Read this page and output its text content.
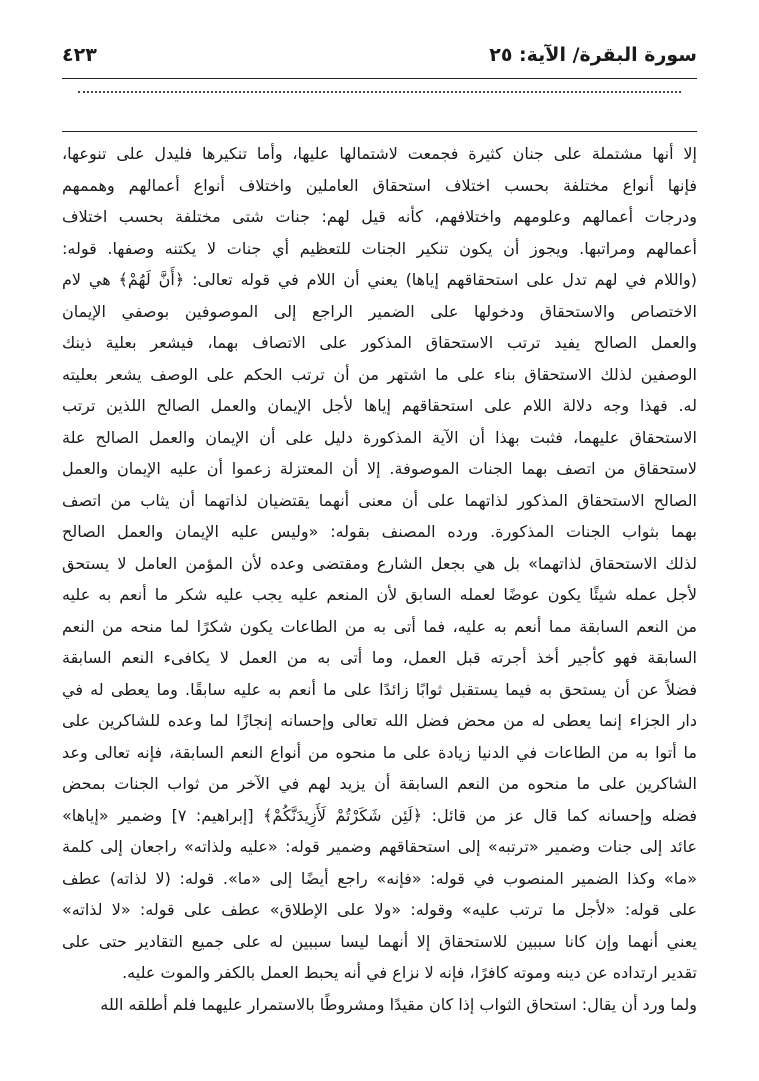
سورة البقرة/ الآية: ٢٥
٤٢٣
إلا أنها مشتملة على جنان كثيرة فجمعت لاشتمالها عليها، وأما تنكيرها فليدل على تنوعها،
فإنها أنواع مختلفة بحسب اختلاف استحقاق العاملين واختلاف أنواع أعمالهم وهممهم
ودرجات أعمالهم وعلومهم واختلافهم، كأنه قيل لهم: جنات شتى مختلفة بحسب اختلاف
أعمالهم ومراتبها. ويجوز أن يكون تنكير الجنات للتعظيم أي جنات لا يكتنه وصفها. قوله:
(واللام في لهم تدل على استحقاقهم إياها) يعني أن اللام في قوله تعالى: ﴿أَنَّ لَهُمْ﴾ هي لام
الاختصاص والاستحقاق ودخولها على الضمير الراجع إلى الموصوفين بوصفي الإيمان
والعمل الصالح يفيد ترتب الاستحقاق المذكور على الاتصاف بهما، فيشعر بعلية ذينك
الوصفين لذلك الاستحقاق بناء على ما اشتهر من أن ترتب الحكم على الوصف يشعر بعليته
له. فهذا وجه دلالة اللام على استحقاقهم إياها لأجل الإيمان والعمل الصالح اللذين ترتب
الاستحقاق عليهما، فثبت بهذا أن الآية المذكورة دليل على أن الإيمان والعمل الصالح علة
لاستحقاق من اتصف بهما الجنات الموصوفة. إلا أن المعتزلة زعموا أن عليه الإيمان والعمل
الصالح الاستحقاق المذكور لذاتهما على أن معنى أنهما يقتضيان لذاتهما أن يثاب من اتصف
بهما بثواب الجنات المذكورة. ورده المصنف بقوله: «وليس عليه الإيمان والعمل الصالح
لذلك الاستحقاق لذاتهما» بل هي بجعل الشارع ومقتضى وعده لأن المؤمن العامل لا يستحق
لأجل عمله شيئًا يكون عوضًا لعمله السابق لأن المنعم عليه يجب عليه شكر ما أنعم به عليه
من النعم السابقة مما أنعم به عليه، فما أتى به من الطاعات يكون شكرًا لما منحه من النعم
السابقة فهو كأجير أخذ أجرته قبل العمل، وما أتى به من العمل لا يكافىء النعم السابقة
فضلاً عن أن يستحق به فيما يستقبل ثوابًا زائدًا على ما أنعم به عليه سابقًا. وما يعطى له في
دار الجزاء إنما يعطى له من محض فضل الله تعالى وإحسانه إنجازًا لما وعده للشاكرين على
ما أتوا به من الطاعات في الدنيا زيادة على ما منحوه من أنواع النعم السابقة، فإنه تعالى وعد
الشاكرين على ما منحوه من النعم السابقة أن يزيد لهم في الآخر من ثواب الجنات بمحض
فضله وإحسانه كما قال عز من قائل: ﴿لَئِن شَكَرْتُمْ لَأَزِيدَنَّكُمْ﴾ [إبراهيم: ٧] وضمير «إياها»
عائد إلى جنات وضمير «ترتبه» إلى استحقاقهم وضمير قوله: «عليه ولذاته» راجعان إلى كلمة
«ما» وكذا الضمير المنصوب في قوله: «فإنه» راجع أيضًا إلى «ما». قوله: (لا لذاته) عطف
على قوله: «لأجل ما ترتب عليه» وقوله: «ولا على الإطلاق» عطف على قوله: «لا لذاته»
يعني أنهما وإن كانا سببين للاستحقاق إلا أنهما ليسا سببين له على جميع التقادير حتى على
تقدير ارتداده عن دينه وموته كافرًا، فإنه لا نزاع في أنه يحبط العمل بالكفر والموت عليه.
ولما ورد أن يقال: استحاق الثواب إذا كان مقيدًا ومشروطًا بالاستمرار عليهما فلم أطلقه الله
